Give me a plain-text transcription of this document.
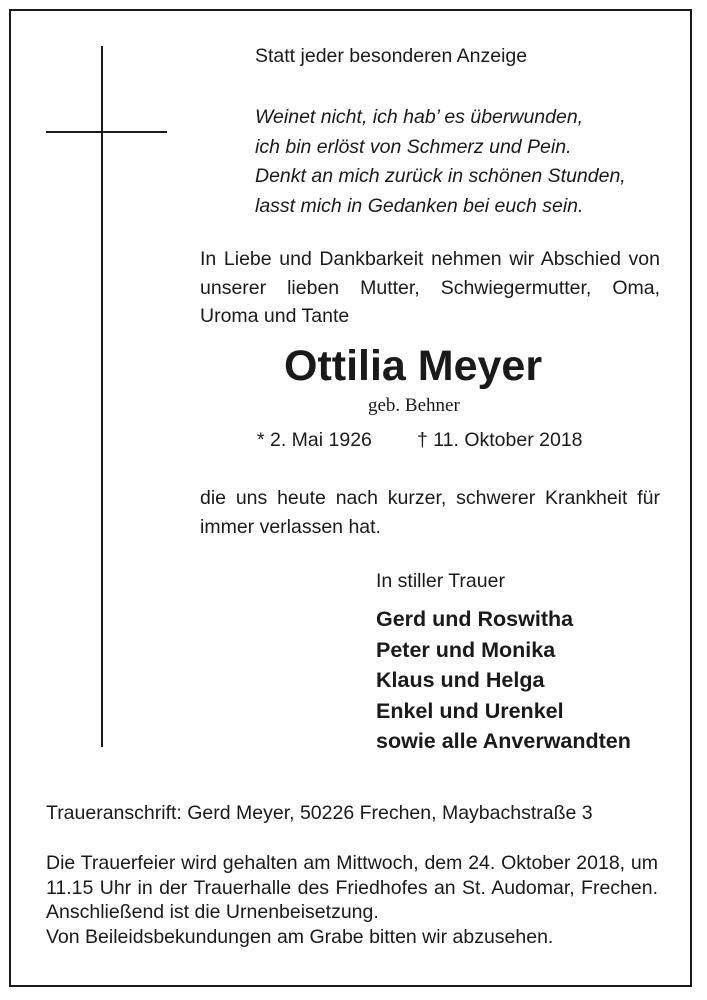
Statt jeder besonderen Anzeige
Weinet nicht, ich hab’ es überwunden,
ich bin erlöst von Schmerz und Pein.
Denkt an mich zurück in schönen Stunden,
lasst mich in Gedanken bei euch sein.
In Liebe und Dankbarkeit nehmen wir Abschied von unserer lieben Mutter, Schwiegermutter, Oma, Uroma und Tante
Ottilia Meyer
geb. Behner
* 2. Mai 1926 † 11. Oktober 2018
die uns heute nach kurzer, schwerer Krankheit für immer verlassen hat.
In stiller Trauer
Gerd und Roswitha
Peter und Monika
Klaus und Helga
Enkel und Urenkel
sowie alle Anverwandten
Traueranschrift: Gerd Meyer, 50226 Frechen, Maybachstraße 3
Die Trauerfeier wird gehalten am Mittwoch, dem 24. Oktober 2018, um 11.15 Uhr in der Trauerhalle des Friedhofes an St. Audomar, Frechen. Anschließend ist die Urnenbeisetzung.
Von Beileidsbekundungen am Grabe bitten wir abzusehen.
